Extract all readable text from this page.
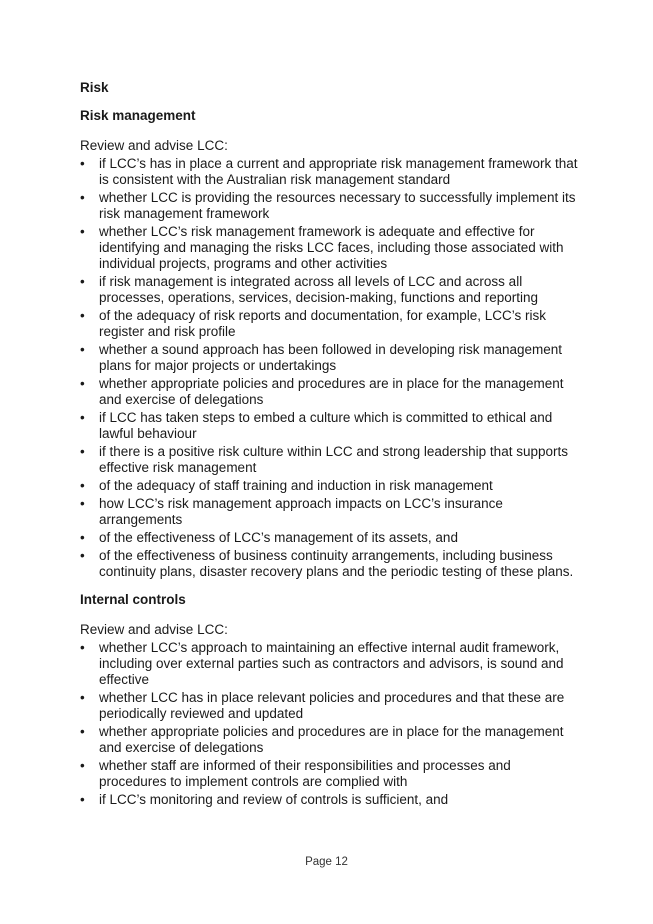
Risk
Risk management

Review and advise LCC:

• if LCC’s has in place a current and appropriate risk management framework that is consistent with the Australian risk management standard
• whether LCC is providing the resources necessary to successfully implement its risk management framework
• whether LCC’s risk management framework is adequate and effective for identifying and managing the risks LCC faces, including those associated with individual projects, programs and other activities
• if risk management is integrated across all levels of LCC and across all processes, operations, services, decision-making, functions and reporting
• of the adequacy of risk reports and documentation, for example, LCC’s risk register and risk profile
• whether a sound approach has been followed in developing risk management plans for major projects or undertakings
• whether appropriate policies and procedures are in place for the management and exercise of delegations
• if LCC has taken steps to embed a culture which is committed to ethical and lawful behaviour
• if there is a positive risk culture within LCC and strong leadership that supports effective risk management
• of the adequacy of staff training and induction in risk management
• how LCC’s risk management approach impacts on LCC’s insurance arrangements
• of the effectiveness of LCC’s management of its assets, and
• of the effectiveness of business continuity arrangements, including business continuity plans, disaster recovery plans and the periodic testing of these plans.
Internal controls

Review and advise LCC:

• whether LCC’s approach to maintaining an effective internal audit framework, including over external parties such as contractors and advisors, is sound and effective
• whether LCC has in place relevant policies and procedures and that these are periodically reviewed and updated
• whether appropriate policies and procedures are in place for the management and exercise of delegations
• whether staff are informed of their responsibilities and processes and procedures to implement controls are complied with
• if LCC’s monitoring and review of controls is sufficient, and
Page 12
